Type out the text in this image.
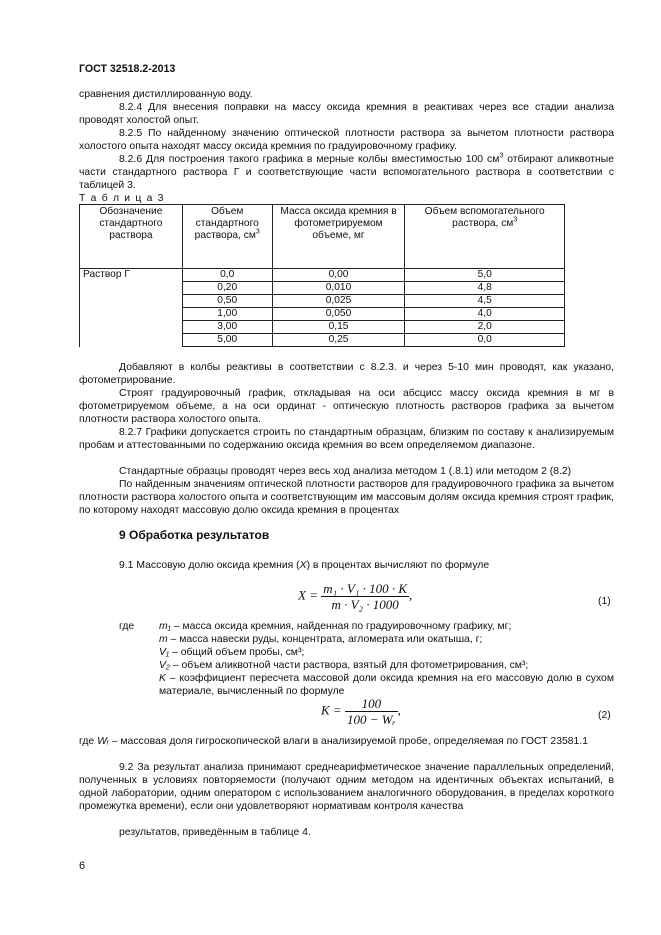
ГОСТ 32518.2-2013
сравнения дистиллированную воду.
8.2.4 Для внесения поправки на массу оксида кремния в реактивах через все стадии анализа проводят холостой опыт.
8.2.5 По найденному значению оптической плотности раствора за вычетом плотности раствора холостого опыта находят массу оксида кремния по градуировочному графику.
8.2.6 Для построения такого графика в мерные колбы вместимостью 100 $см^3$ отбирают аликвотные части стандартного раствора Г и соответствующие части вспомогательного раствора в соответствии с таблицей 3.
Т а б л и ц а 3
Обозначение стандартного раствора	Объем стандартного раствора, $см^3$	Масса оксида кремния в фотометрируемом объеме, мг	Объем вспомогательного раствора, $см^3$
Раствор Г	0,0	0,00	5,0
	0,20	0,010	4,8
	0,50	0,025	4,5
	1,00	0,050	4,0
	3,00	0,15	2,0
	5,00	0,25	0,0
Добавляют в колбы реактивы в соответствии с 8.2.3. и через 5-10 мин проводят, как указано, фотометрирование.
Строят градуировочный график, откладывая на оси абсцисс массу оксида кремния в мг в фотометрируемом объеме, а на оси ординат - оптическую плотность растворов графика за вычетом плотности раствора холостого опыта.
8.2.7 Графики допускается строить по стандартным образцам, близким по составу к анализируемым пробам и аттестованными по содержанию оксида кремния во всем определяемом диапазоне.
Стандартные образцы проводят через весь ход анализа методом 1 (.8.1) или методом 2 (8.2)
По найденным значениям оптической плотности растворов для градуировочного графика за вычетом плотности раствора холостого опыта и соответствующим им массовым долям оксида кремния строят график, по которому находят массовую долю оксида кремния в процентах
9 Обработка результатов
9.1 Массовую долю оксида кремния (X) в процентах вычисляют по формуле
$X = \frac{\text{m₁ · V₁ · 100 · K}}{\text{m · V₂ · 1000}}$ ,	(1)
где m₁ – масса оксида кремния, найденная по градуировочному графику, мг;
m – масса навески руды, концентрата, агломерата или окатыша, г;
V₁ – общий объем пробы, см³;
V₂ – объем аликвотной части раствора, взятый для фотометрирования, см³;
K – коэффициент пересчета массовой доли оксида кремния на его массовую долю в сухом материале, вычисленный по формуле
$K = \frac{100}{\text{100 − Wᵣ}}$ ,	(2)
где Wᵣ – массовая доля гигроскопической влаги в анализируемой пробе, определяемая по ГОСТ 23581.1
9.2 За результат анализа принимают среднеарифметическое значение параллельных определений, полученных в условиях повторяемости (получают одним методом на идентичных объектах испытаний, в одной лаборатории, одним оператором с использованием аналогичного оборудования, в пределах короткого промежутка времени), если они удовлетворяют нормативам контроля качества
результатов, приведённым в таблице 4.
6
